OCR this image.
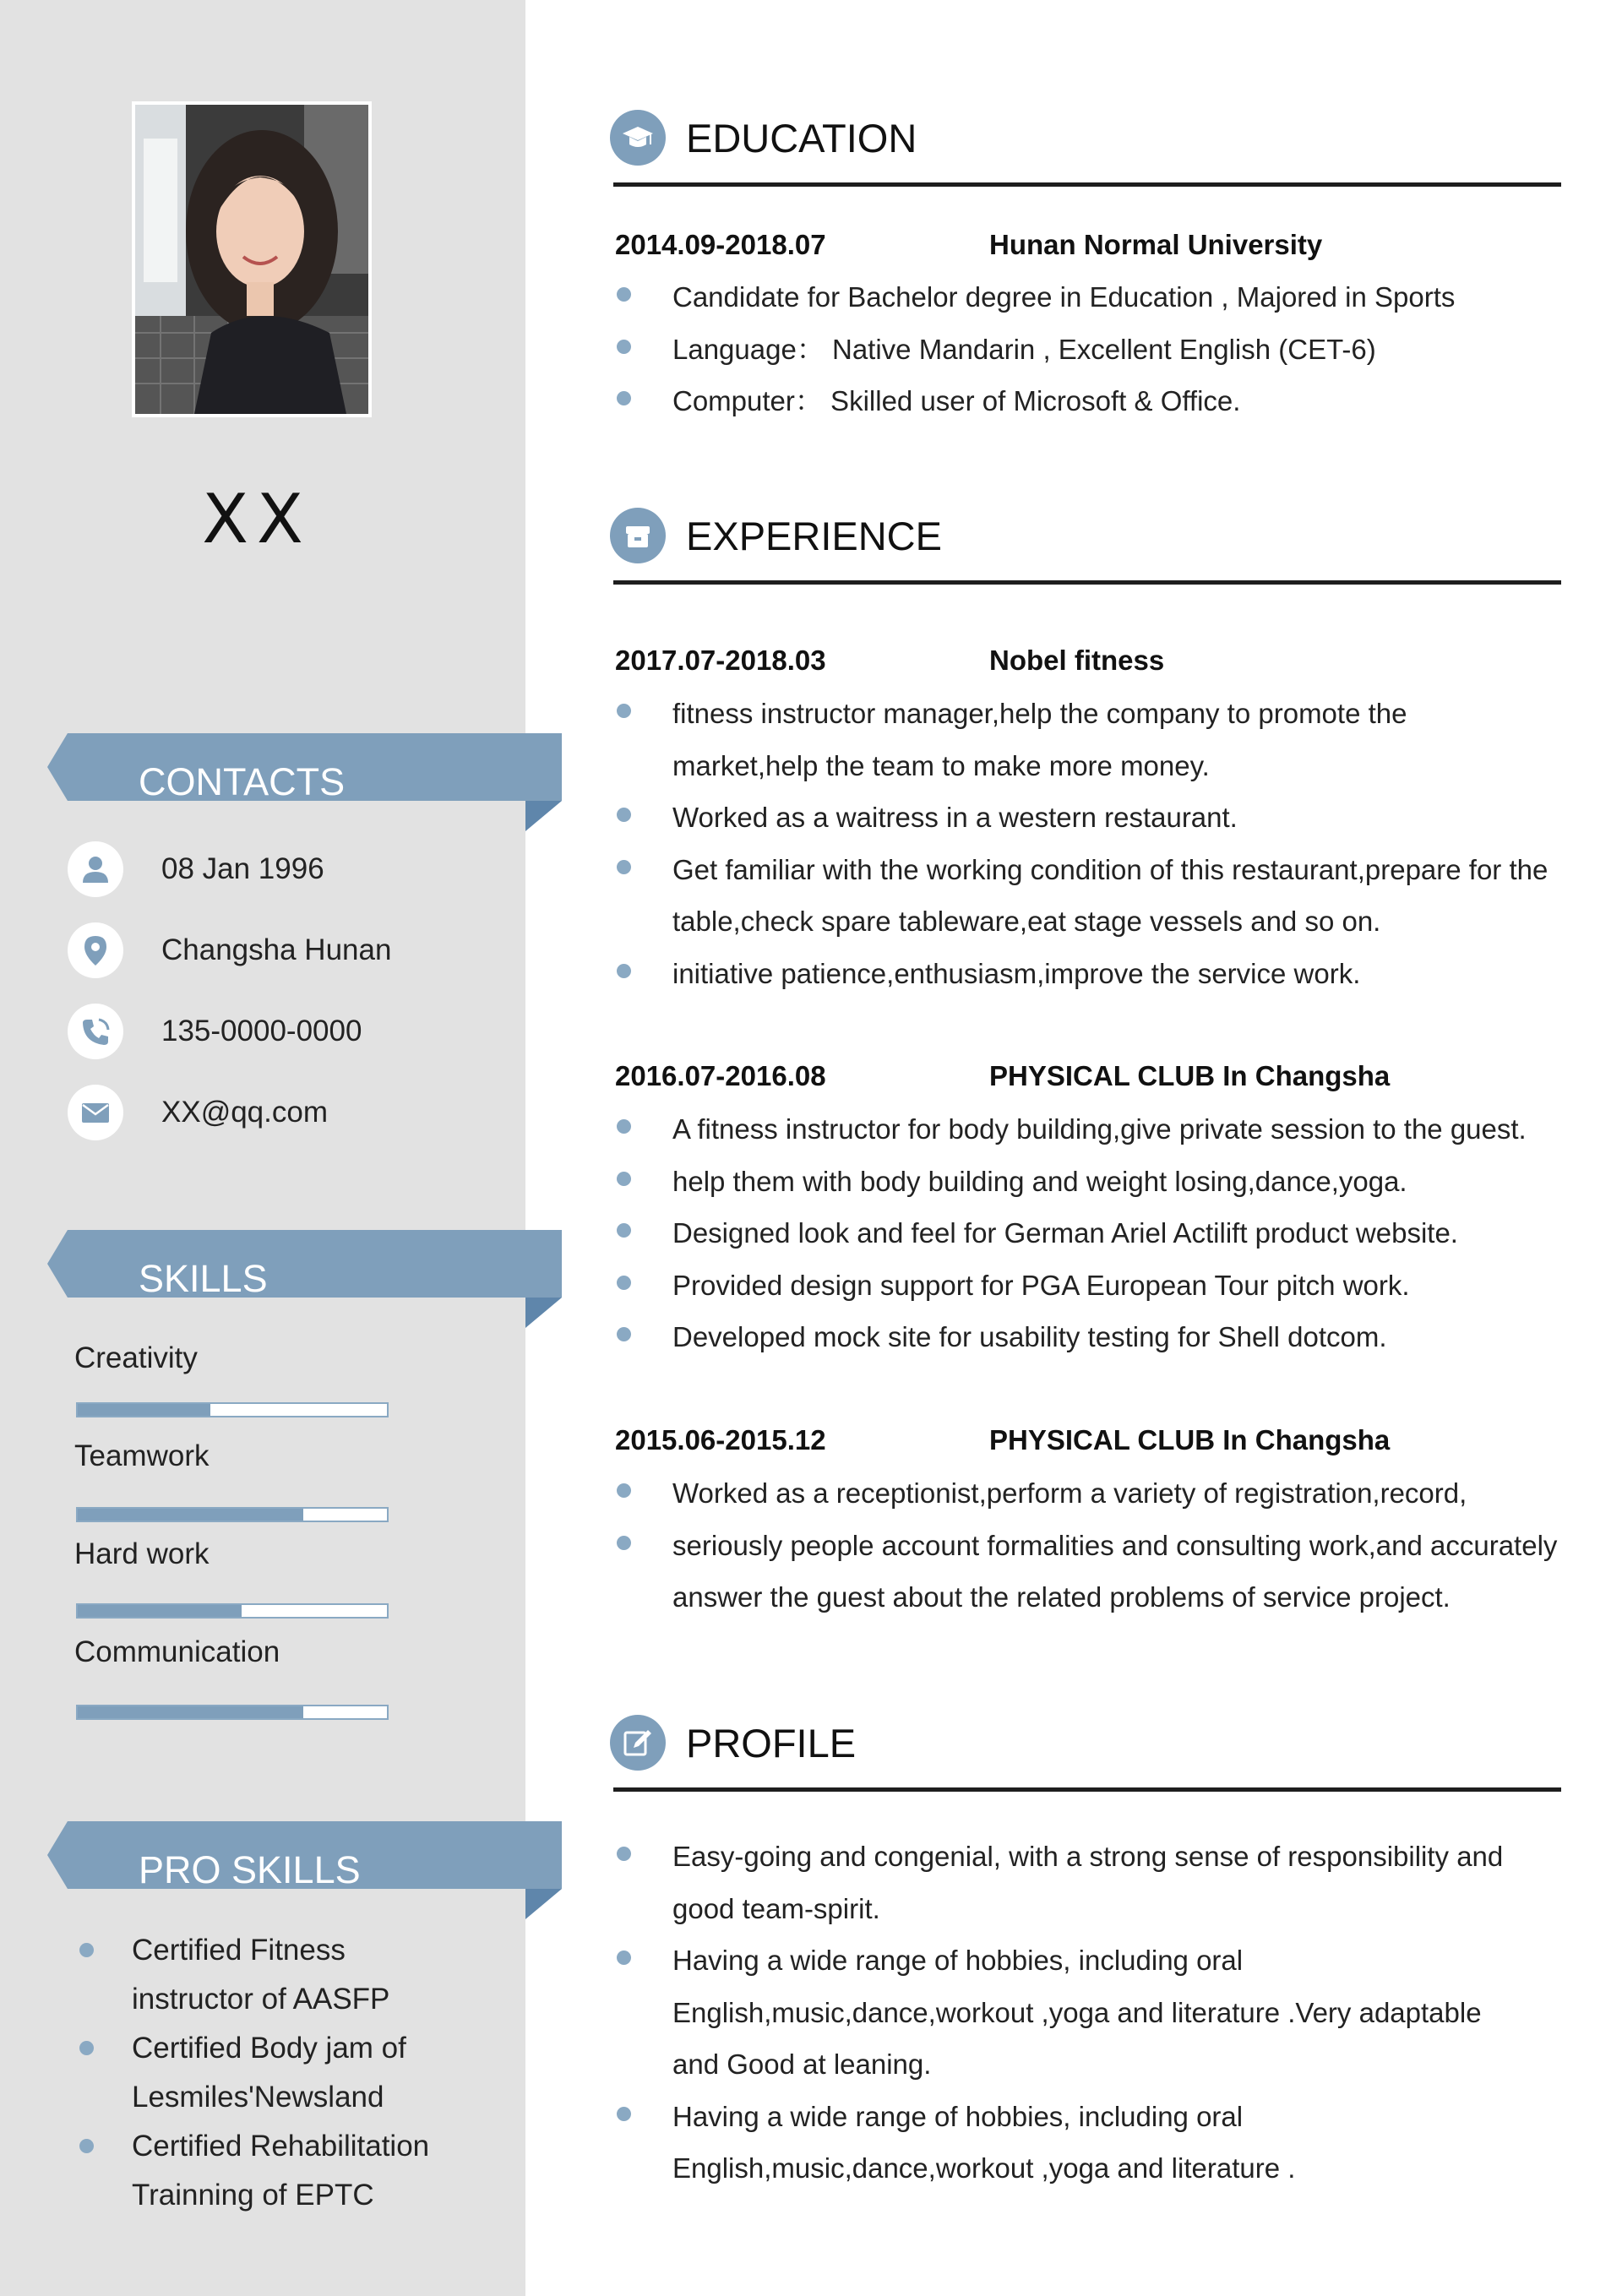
XX
CONTACTS
08 Jan 1996
Changsha Hunan
135-0000-0000
XX@qq.com
SKILLS
Creativity
Teamwork
Hard work
Communication
PRO SKILLS
Certified Fitness instructor of AASFP
Certified Body jam of Lesmiles'Newsland
Certified Rehabilitation Trainning of EPTC
EDUCATION
2014.09-2018.07	Hunan Normal University
Candidate for Bachelor degree in Education , Majored in Sports
Language： Native Mandarin , Excellent English (CET-6)
Computer： Skilled user of Microsoft & Office.
EXPERIENCE
2017.07-2018.03	Nobel fitness
fitness instructor manager,help the company to promote the market,help the team to make more money.
Worked as a waitress in a western restaurant.
Get familiar with the working condition of this restaurant,prepare for the table,check spare tableware,eat stage vessels and so on.
initiative patience,enthusiasm,improve the service work.
2016.07-2016.08	PHYSICAL CLUB In Changsha
A fitness instructor for body building,give private session to the guest.
help them with body building and weight losing,dance,yoga.
Designed look and feel for German Ariel Actilift product website.
Provided design support for PGA European Tour pitch work.
Developed mock site for usability testing for Shell dotcom.
2015.06-2015.12	PHYSICAL CLUB In Changsha
Worked as a receptionist,perform a variety of registration,record,
seriously people account formalities and consulting work,and accurately answer the guest about the related problems of service project.
PROFILE
Easy-going and congenial, with a strong sense of responsibility and good team-spirit.
Having a wide range of hobbies, including oral English,music,dance,workout ,yoga and literature .Very adaptable and Good at leaning.
Having a wide range of hobbies, including oral English,music,dance,workout ,yoga and literature .
